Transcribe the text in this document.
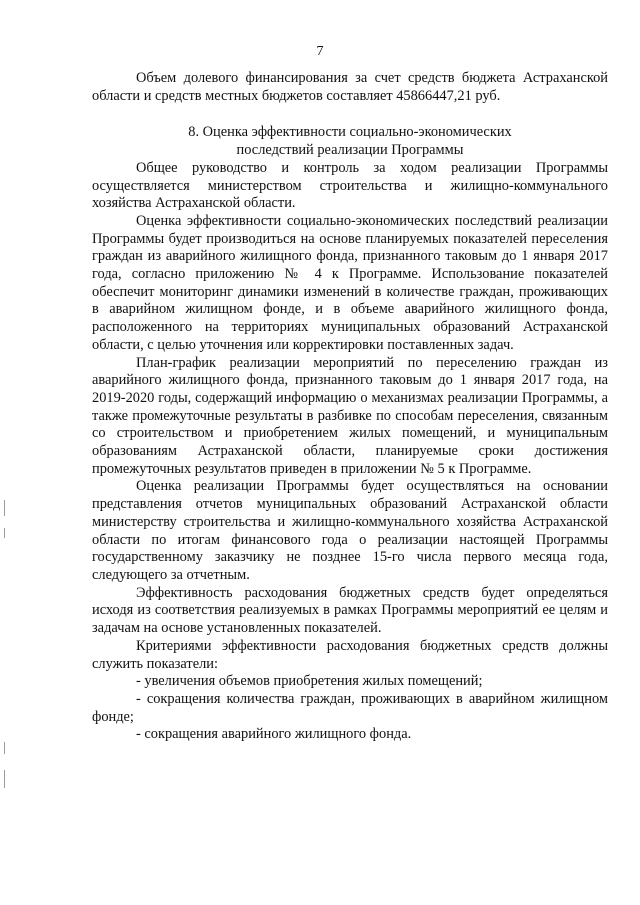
7

Объем долевого финансирования за счет средств бюджета Астраханской области и средств местных бюджетов составляет 45866447,21 руб.

8. Оценка эффективности социально-экономических
последствий реализации Программы

Общее руководство и контроль за ходом реализации Программы осуществляется министерством строительства и жилищно-коммунального хозяйства Астраханской области.

Оценка эффективности социально-экономических последствий реализации Программы будет производиться на основе планируемых показателей переселения граждан из аварийного жилищного фонда, признанного таковым до 1 января 2017 года, согласно приложению № 4 к Программе. Использование показателей обеспечит мониторинг динамики изменений в количестве граждан, проживающих в аварийном жилищном фонде, и в объеме аварийного жилищного фонда, расположенного на территориях муниципальных образований Астраханской области, с целью уточнения или корректировки поставленных задач.

План-график реализации мероприятий по переселению граждан из аварийного жилищного фонда, признанного таковым до 1 января 2017 года, на 2019-2020 годы, содержащий информацию о механизмах реализации Программы, а также промежуточные результаты в разбивке по способам переселения, связанным со строительством и приобретением жилых помещений, и муниципальным образованиям Астраханской области, планируемые сроки достижения промежуточных результатов приведен в приложении № 5 к Программе.

Оценка реализации Программы будет осуществляться на основании представления отчетов муниципальных образований Астраханской области министерству строительства и жилищно-коммунального хозяйства Астраханской области по итогам финансового года о реализации настоящей Программы государственному заказчику не позднее 15-го числа первого месяца года, следующего за отчетным.

Эффективность расходования бюджетных средств будет определяться исходя из соответствия реализуемых в рамках Программы мероприятий ее целям и задачам на основе установленных показателей.

Критериями эффективности расходования бюджетных средств должны служить показатели:

- увеличения объемов приобретения жилых помещений;

- сокращения количества граждан, проживающих в аварийном жилищном фонде;

- сокращения аварийного жилищного фонда.
